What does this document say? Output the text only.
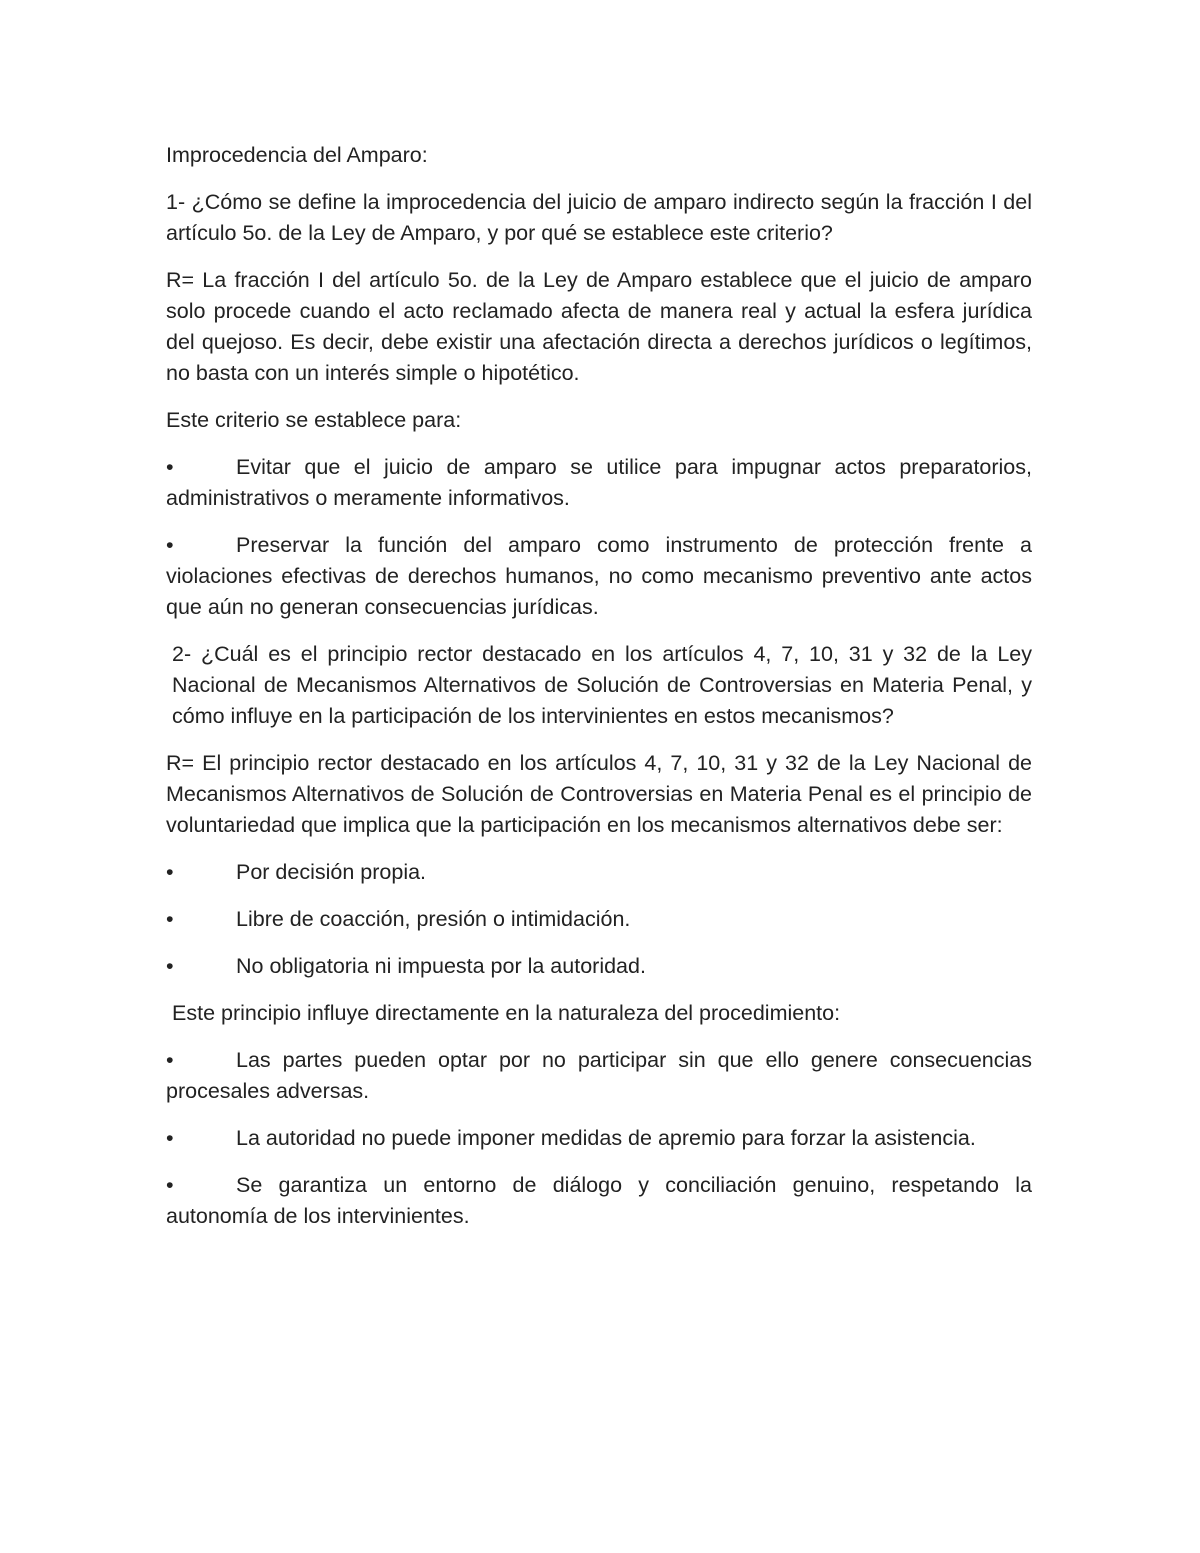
Improcedencia del Amparo:

1- ¿Cómo se define la improcedencia del juicio de amparo indirecto según la fracción I del artículo 5o. de la Ley de Amparo, y por qué se establece este criterio?

R= La fracción I del artículo 5o. de la Ley de Amparo establece que el juicio de amparo solo procede cuando el acto reclamado afecta de manera real y actual la esfera jurídica del quejoso. Es decir, debe existir una afectación directa a derechos jurídicos o legítimos, no basta con un interés simple o hipotético.

Este criterio se establece para:

•	Evitar que el juicio de amparo se utilice para impugnar actos preparatorios, administrativos o meramente informativos.

•	Preservar la función del amparo como instrumento de protección frente a violaciones efectivas de derechos humanos, no como mecanismo preventivo ante actos que aún no generan consecuencias jurídicas.

2- ¿Cuál es el principio rector destacado en los artículos 4, 7, 10, 31 y 32 de la Ley Nacional de Mecanismos Alternativos de Solución de Controversias en Materia Penal, y cómo influye en la participación de los intervinientes en estos mecanismos?

R= El principio rector destacado en los artículos 4, 7, 10, 31 y 32 de la Ley Nacional de Mecanismos Alternativos de Solución de Controversias en Materia Penal es el principio de voluntariedad que implica que la participación en los mecanismos alternativos debe ser:

•	Por decisión propia.

•	Libre de coacción, presión o intimidación.

•	No obligatoria ni impuesta por la autoridad.

Este principio influye directamente en la naturaleza del procedimiento:

•	Las partes pueden optar por no participar sin que ello genere consecuencias procesales adversas.

•	La autoridad no puede imponer medidas de apremio para forzar la asistencia.

•	Se garantiza un entorno de diálogo y conciliación genuino, respetando la autonomía de los intervinientes.
